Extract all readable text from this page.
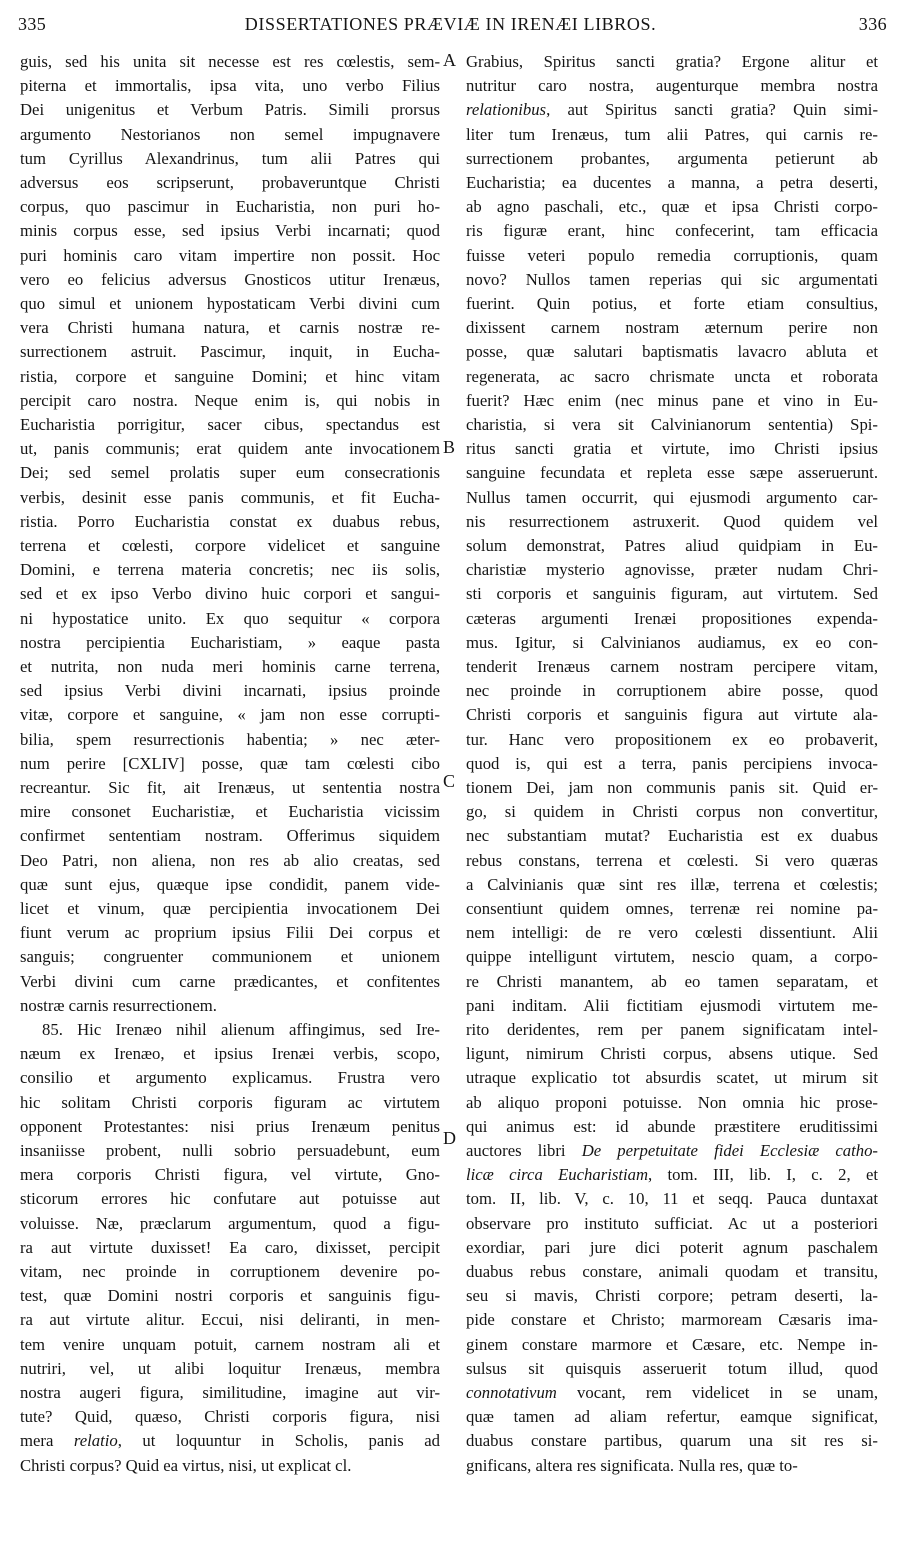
335	DISSERTATIONES PRÆVIÆ IN IRENÆI LIBROS.	336
A
B
C
D
guis, sed his unita sit necesse est res cœlestis, sem-
piterna et immortalis, ipsa vita, uno verbo Filius
Dei unigenitus et Verbum Patris. Simili prorsus
argumento Nestorianos non semel impugnavere
tum Cyrillus Alexandrinus, tum alii Patres qui
adversus eos scripserunt, probaveruntque Christi
corpus, quo pascimur in Eucharistia, non puri ho-
minis corpus esse, sed ipsius Verbi incarnati; quod
puri hominis caro vitam impertire non possit. Hoc
vero eo felicius adversus Gnosticos utitur Irenæus,
quo simul et unionem hypostaticam Verbi divini cum
vera Christi humana natura, et carnis nostræ re-
surrectionem astruit. Pascimur, inquit, in Eucha-
ristia, corpore et sanguine Domini; et hinc vitam
percipit caro nostra. Neque enim is, qui nobis in
Eucharistia porrigitur, sacer cibus, spectandus est
ut, panis communis; erat quidem ante invocationem
Dei; sed semel prolatis super eum consecrationis
verbis, desinit esse panis communis, et fit Eucha-
ristia. Porro Eucharistia constat ex duabus rebus,
terrena et cœlesti, corpore videlicet et sanguine
Domini, e terrena materia concretis; nec iis solis,
sed et ex ipso Verbo divino huic corpori et sangui-
ni hypostatice unito. Ex quo sequitur « corpora
nostra percipientia Eucharistiam, » eaque pasta
et nutrita, non nuda meri hominis carne terrena,
sed ipsius Verbi divini incarnati, ipsius proinde
vitæ, corpore et sanguine, « jam non esse corrupti-
bilia, spem resurrectionis habentia; » nec æter-
num perire [CXLIV] posse, quæ tam cœlesti cibo
recreantur. Sic fit, ait Irenæus, ut sententia nostra
mire consonet Eucharistiæ, et Eucharistia vicissim
confirmet sententiam nostram. Offerimus siquidem
Deo Patri, non aliena, non res ab alio creatas, sed
quæ sunt ejus, quæque ipse condidit, panem vide-
licet et vinum, quæ percipientia invocationem Dei
fiunt verum ac proprium ipsius Filii Dei corpus et
sanguis; congruenter communionem et unionem
Verbi divini cum carne prædicantes, et confitentes
nostræ carnis resurrectionem.
85. Hic Irenæo nihil alienum affingimus, sed Ire-
næum ex Irenæo, et ipsius Irenæi verbis, scopo,
consilio et argumento explicamus. Frustra vero
hic solitam Christi corporis figuram ac virtutem
opponent Protestantes: nisi prius Irenæum penitus
insaniisse probent, nulli sobrio persuadebunt, eum
mera corporis Christi figura, vel virtute, Gno-
sticorum errores hic confutare aut potuisse aut
voluisse. Næ, præclarum argumentum, quod a figu-
ra aut virtute duxisset! Ea caro, dixisset, percipit
vitam, nec proinde in corruptionem devenire po-
test, quæ Domini nostri corporis et sanguinis figu-
ra aut virtute alitur. Eccui, nisi deliranti, in men-
tem venire unquam potuit, carnem nostram ali et
nutriri, vel, ut alibi loquitur Irenæus, membra
nostra augeri figura, similitudine, imagine aut vir-
tute? Quid, quæso, Christi corporis figura, nisi
mera relatio, ut loquuntur in Scholis, panis ad
Christi corpus? Quid ea virtus, nisi, ut explicat cl.
Grabius, Spiritus sancti gratia? Ergone alitur et
nutritur caro nostra, augenturque membra nostra
relationibus, aut Spiritus sancti gratia? Quin simi-
liter tum Irenæus, tum alii Patres, qui carnis re-
surrectionem probantes, argumenta petierunt ab
Eucharistia; ea ducentes a manna, a petra deserti,
ab agno paschali, etc., quæ et ipsa Christi corpo-
ris figuræ erant, hinc confecerint, tam efficacia
fuisse veteri populo remedia corruptionis, quam
novo? Nullos tamen reperias qui sic argumentati
fuerint. Quin potius, et forte etiam consultius,
dixissent carnem nostram æternum perire non
posse, quæ salutari baptismatis lavacro abluta et
regenerata, ac sacro chrismate uncta et roborata
fuerit? Hæc enim (nec minus pane et vino in Eu-
charistia, si vera sit Calvinianorum sententia) Spi-
ritus sancti gratia et virtute, imo Christi ipsius
sanguine fecundata et repleta esse sæpe asseruerunt.
Nullus tamen occurrit, qui ejusmodi argumento car-
nis resurrectionem astruxerit. Quod quidem vel
solum demonstrat, Patres aliud quidpiam in Eu-
charistiæ mysterio agnovisse, præter nudam Chri-
sti corporis et sanguinis figuram, aut virtutem. Sed
cæteras argumenti Irenæi propositiones expenda-
mus. Igitur, si Calvinianos audiamus, ex eo con-
tenderit Irenæus carnem nostram percipere vitam,
nec proinde in corruptionem abire posse, quod
Christi corporis et sanguinis figura aut virtute ala-
tur. Hanc vero propositionem ex eo probaverit,
quod is, qui est a terra, panis percipiens invoca-
tionem Dei, jam non communis panis sit. Quid er-
go, si quidem in Christi corpus non convertitur,
nec substantiam mutat? Eucharistia est ex duabus
rebus constans, terrena et cœlesti. Si vero quæras
a Calvinianis quæ sint res illæ, terrena et cœlestis;
consentiunt quidem omnes, terrenæ rei nomine pa-
nem intelligi: de re vero cœlesti dissentiunt. Alii
quippe intelligunt virtutem, nescio quam, a corpo-
re Christi manantem, ab eo tamen separatam, et
pani inditam. Alii fictitiam ejusmodi virtutem me-
rito deridentes, rem per panem significatam intel-
ligunt, nimirum Christi corpus, absens utique. Sed
utraque explicatio tot absurdis scatet, ut mirum sit
ab aliquo proponi potuisse. Non omnia hic prose-
qui animus est: id abunde præstitere eruditissimi
auctores libri De perpetuitate fidei Ecclesiæ catho-
licæ circa Eucharistiam, tom. III, lib. I, c. 2, et
tom. II, lib. V, c. 10, 11 et seqq. Pauca duntaxat
observare pro instituto sufficiat. Ac ut a posteriori
exordiar, pari jure dici poterit agnum paschalem
duabus rebus constare, animali quodam et transitu,
seu si mavis, Christi corpore; petram deserti, la-
pide constare et Christo; marmoream Cæsaris ima-
ginem constare marmore et Cæsare, etc. Nempe in-
sulsus sit quisquis asseruerit totum illud, quod
connotativum vocant, rem videlicet in se unam,
quæ tamen ad aliam refertur, eamque significat,
duabus constare partibus, quarum una sit res si-
gnificans, altera res significata. Nulla res, quæ to-
